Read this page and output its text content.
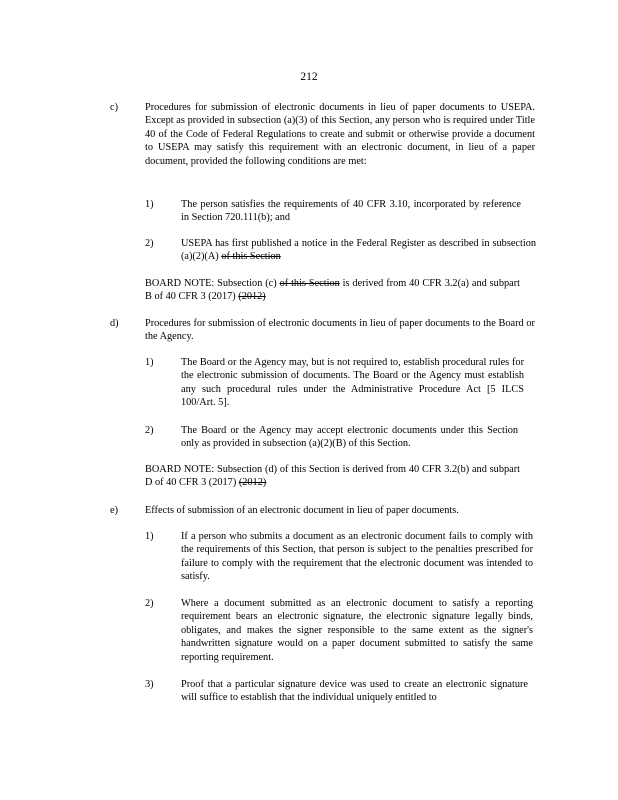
212
c)	Procedures for submission of electronic documents in lieu of paper documents to USEPA. Except as provided in subsection (a)(3) of this Section, any person who is required under Title 40 of the Code of Federal Regulations to create and submit or otherwise provide a document to USEPA may satisfy this requirement with an electronic document, in lieu of a paper document, provided the following conditions are met:
1)	The person satisfies the requirements of 40 CFR 3.10, incorporated by reference in Section 720.111(b); and
2)	USEPA has first published a notice in the Federal Register as described in subsection (a)(2)(A) of this Section
BOARD NOTE: Subsection (c) of this Section is derived from 40 CFR 3.2(a) and subpart B of 40 CFR 3 (2017) (2012)
d)	Procedures for submission of electronic documents in lieu of paper documents to the Board or the Agency.
1)	The Board or the Agency may, but is not required to, establish procedural rules for the electronic submission of documents. The Board or the Agency must establish any such procedural rules under the Administrative Procedure Act [5 ILCS 100/Art. 5].
2)	The Board or the Agency may accept electronic documents under this Section only as provided in subsection (a)(2)(B) of this Section.
BOARD NOTE: Subsection (d) of this Section is derived from 40 CFR 3.2(b) and subpart D of 40 CFR 3 (2017) (2012)
e)	Effects of submission of an electronic document in lieu of paper documents.
1)	If a person who submits a document as an electronic document fails to comply with the requirements of this Section, that person is subject to the penalties prescribed for failure to comply with the requirement that the electronic document was intended to satisfy.
2)	Where a document submitted as an electronic document to satisfy a reporting requirement bears an electronic signature, the electronic signature legally binds, obligates, and makes the signer responsible to the same extent as the signer's handwritten signature would on a paper document submitted to satisfy the same reporting requirement.
3)	Proof that a particular signature device was used to create an electronic signature will suffice to establish that the individual uniquely entitled to
